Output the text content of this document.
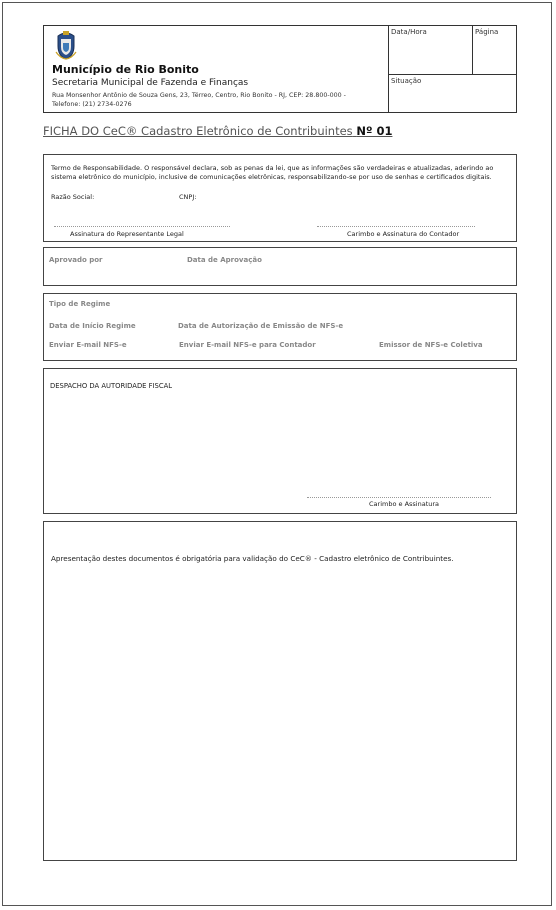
Município de Rio Bonito
Secretaria Municipal de Fazenda e Finanças
Rua Monsenhor Antônio de Souza Gens, 23, Térreo, Centro, Rio Bonito - RJ, CEP: 28.800-000 -
Telefone: (21) 2734-0276
Data/Hora	Página
Situação
FICHA DO CeC® Cadastro Eletrônico de Contribuintes Nº 01
Termo de Responsabilidade. O responsável declara, sob as penas da lei, que as informações são verdadeiras e atualizadas, aderindo ao sistema eletrônico do município, inclusive de comunicações eletrônicas, responsabilizando-se por uso de senhas e certificados digitais.
Razão Social:	CNPJ:
Assinatura do Representante Legal	Carimbo e Assinatura do Contador
Aprovado por	Data de Aprovação
Tipo de Regime
Data de Início Regime	Data de Autorização de Emissão de NFS-e
Enviar E-mail NFS-e	Enviar E-mail NFS-e para Contador	Emissor de NFS-e Coletiva
DESPACHO DA AUTORIDADE FISCAL
Carimbo e Assinatura
Apresentação destes documentos é obrigatória para validação do CeC® - Cadastro eletrônico de Contribuintes.
